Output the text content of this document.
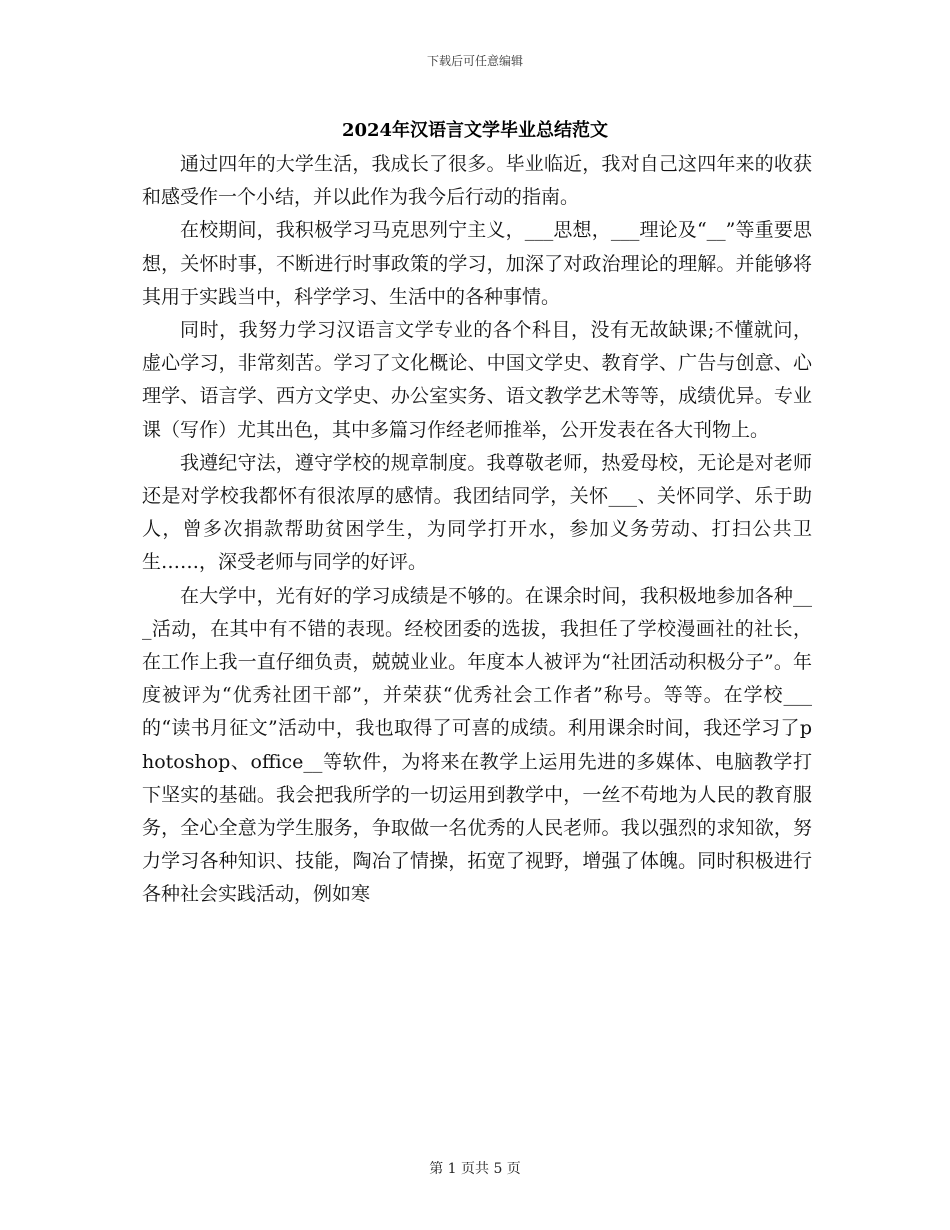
下载后可任意编辑
2024年汉语言文学毕业总结范文

通过四年的大学生活，我成长了很多。毕业临近，我对自己这四年来的收获和感受作一个小结，并以此作为我今后行动的指南。

在校期间，我积极学习马克思列宁主义，___思想，___理论及“__”等重要思想，关怀时事，不断进行时事政策的学习，加深了对政治理论的理解。并能够将其用于实践当中，科学学习、生活中的各种事情。

同时，我努力学习汉语言文学专业的各个科目，没有无故缺课;不懂就问，虚心学习，非常刻苦。学习了文化概论、中国文学史、教育学、广告与创意、心理学、语言学、西方文学史、办公室实务、语文教学艺术等等，成绩优异。专业课（写作）尤其出色，其中多篇习作经老师推举，公开发表在各大刊物上。

我遵纪守法，遵守学校的规章制度。我尊敬老师，热爱母校，无论是对老师还是对学校我都怀有很浓厚的感情。我团结同学，关怀___、关怀同学、乐于助人，曾多次捐款帮助贫困学生，为同学打开水，参加义务劳动、打扫公共卫生……，深受老师与同学的好评。

在大学中，光有好的学习成绩是不够的。在课余时间，我积极地参加各种___活动，在其中有不错的表现。经校团委的选拔，我担任了学校漫画社的社长，在工作上我一直仔细负责，兢兢业业。年度本人被评为“社团活动积极分子”。年度被评为“优秀社团干部”，并荣获“优秀社会工作者”称号。等等。在学校___的“读书月征文”活动中，我也取得了可喜的成绩。利用课余时间，我还学习了photoshop、office__等软件，为将来在教学上运用先进的多媒体、电脑教学打下坚实的基础。我会把我所学的一切运用到教学中，一丝不苟地为人民的教育服务，全心全意为学生服务，争取做一名优秀的人民老师。我以强烈的求知欲，努力学习各种知识、技能，陶冶了情操，拓宽了视野，增强了体魄。同时积极进行各种社会实践活动，例如寒

第 1 页共 5 页
